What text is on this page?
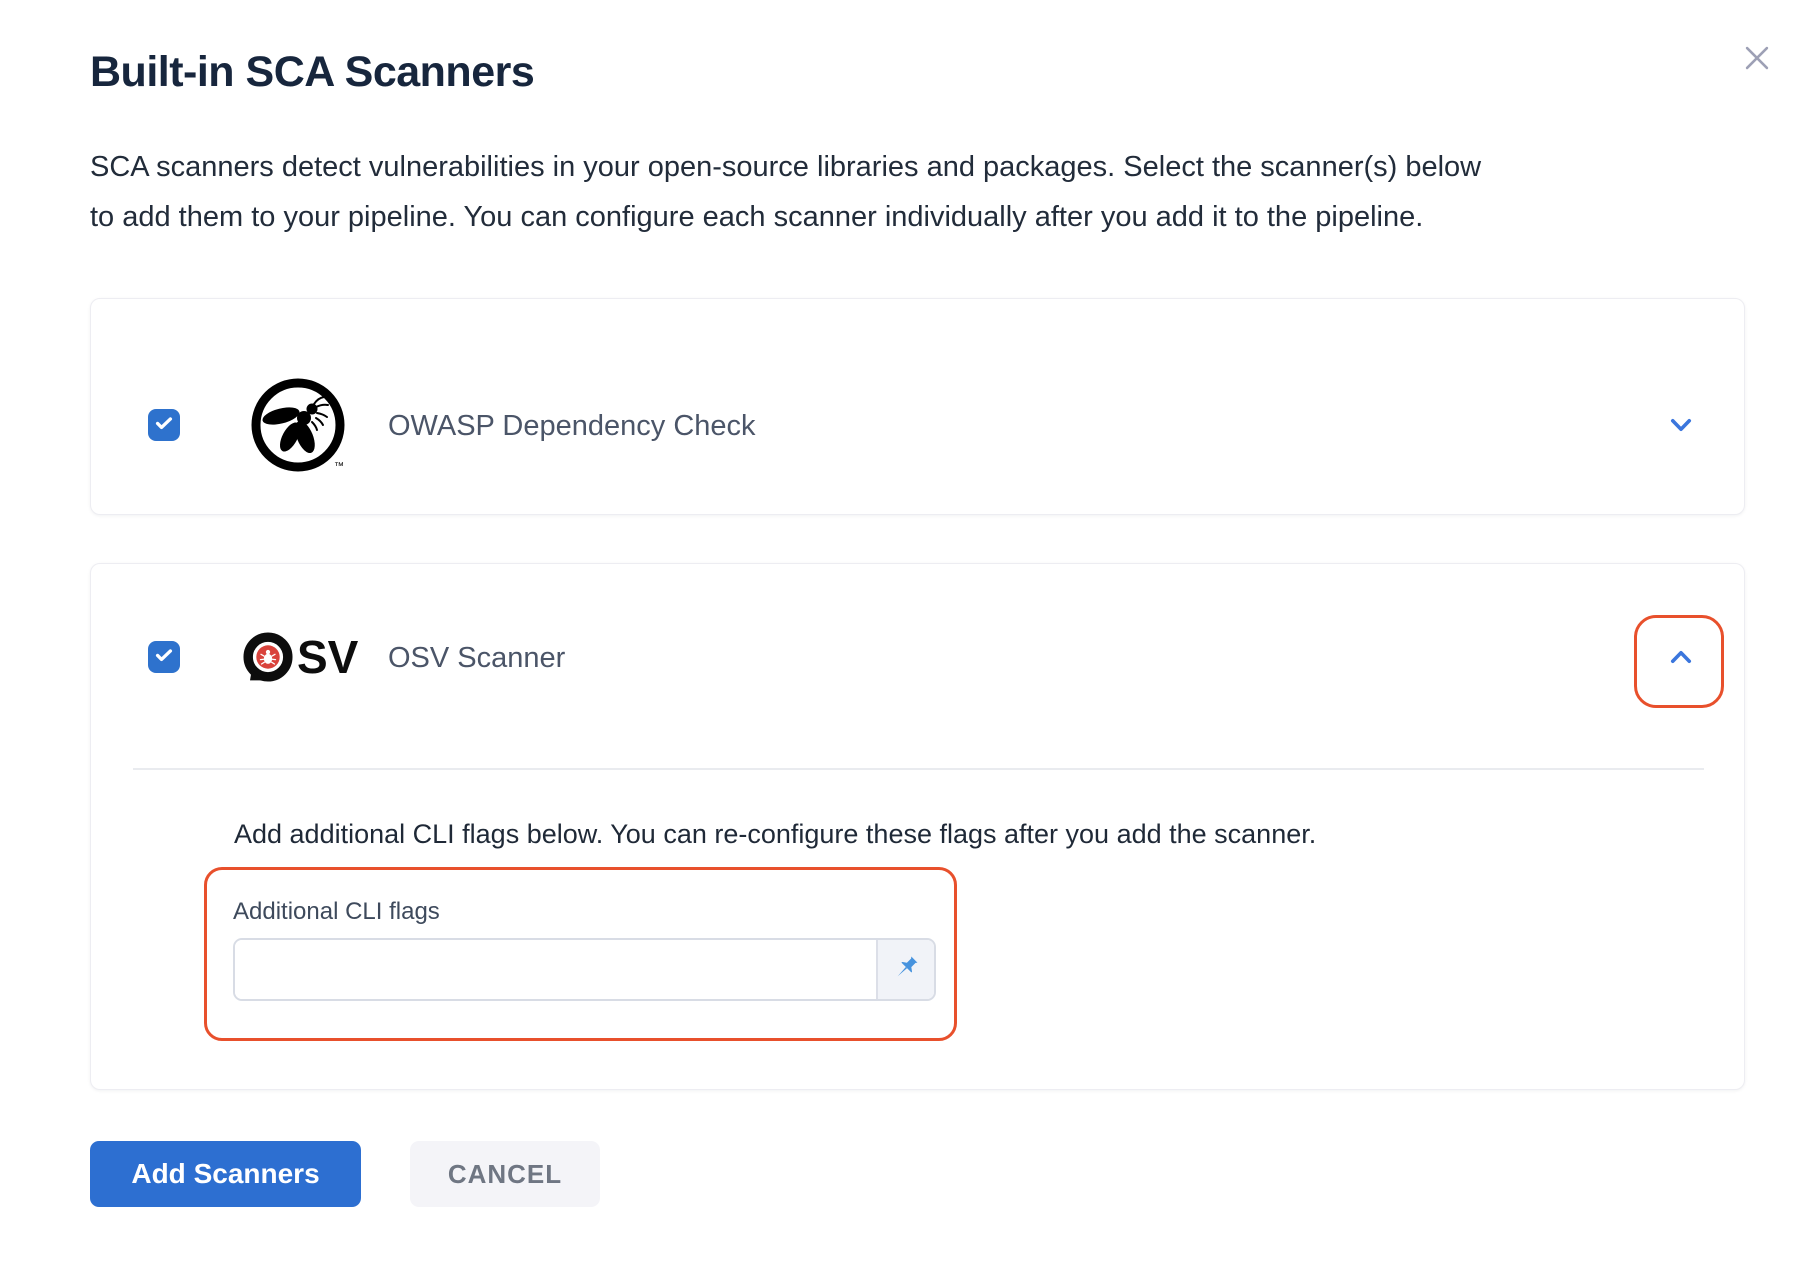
Built-in SCA Scanners
SCA scanners detect vulnerabilities in your open-source libraries and packages. Select the scanner(s) below
to add them to your pipeline. You can configure each scanner individually after you add it to the pipeline.
™
OWASP Dependency Check
SV OSV Scanner
Add additional CLI flags below. You can re-configure these flags after you add the scanner.
Additional CLI flags
Add Scanners	CANCEL
